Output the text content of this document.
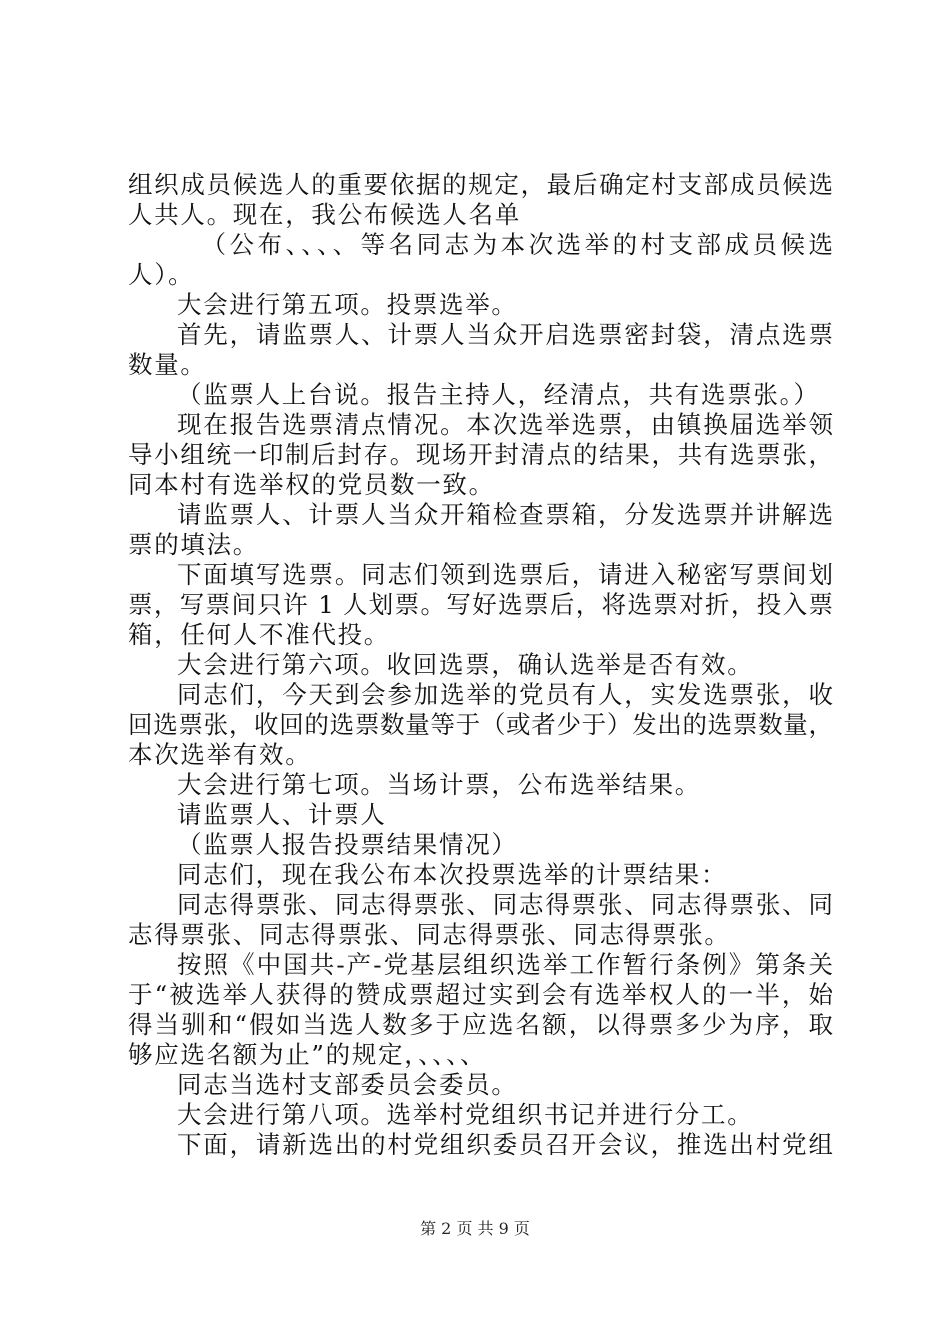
组织成员候选人的重要依据的规定，最后确定村支部成员候选
人共人。现在，我公布候选人名单
（公布、、、、等名同志为本次选举的村支部成员候选
人）。
大会进行第五项。投票选举。
首先，请监票人、计票人当众开启选票密封袋，清点选票
数量。
（监票人上台说。报告主持人，经清点，共有选票张。）
现在报告选票清点情况。本次选举选票，由镇换届选举领
导小组统一印制后封存。现场开封清点的结果，共有选票张，
同本村有选举权的党员数一致。
请监票人、计票人当众开箱检查票箱，分发选票并讲解选
票的填法。
下面填写选票。同志们领到选票后，请进入秘密写票间划
票，写票间只许 1 人划票。写好选票后，将选票对折，投入票
箱，任何人不准代投。
大会进行第六项。收回选票，确认选举是否有效。
同志们，今天到会参加选举的党员有人，实发选票张，收
回选票张，收回的选票数量等于（或者少于）发出的选票数量，
本次选举有效。
大会进行第七项。当场计票，公布选举结果。
请监票人、计票人
（监票人报告投票结果情况）
同志们，现在我公布本次投票选举的计票结果：
同志得票张、同志得票张、同志得票张、同志得票张、同
志得票张、同志得票张、同志得票张、同志得票张。
按照《中国共-产-党基层组织选举工作暂行条例》第条关
于“被选举人获得的赞成票超过实到会有选举权人的一半，始
得当驯和“假如当选人数多于应选名额，以得票多少为序，取
够应选名额为止”的规定，、、、、
同志当选村支部委员会委员。
大会进行第八项。选举村党组织书记并进行分工。
下面，请新选出的村党组织委员召开会议，推选出村党组
第 2 页 共 9 页
